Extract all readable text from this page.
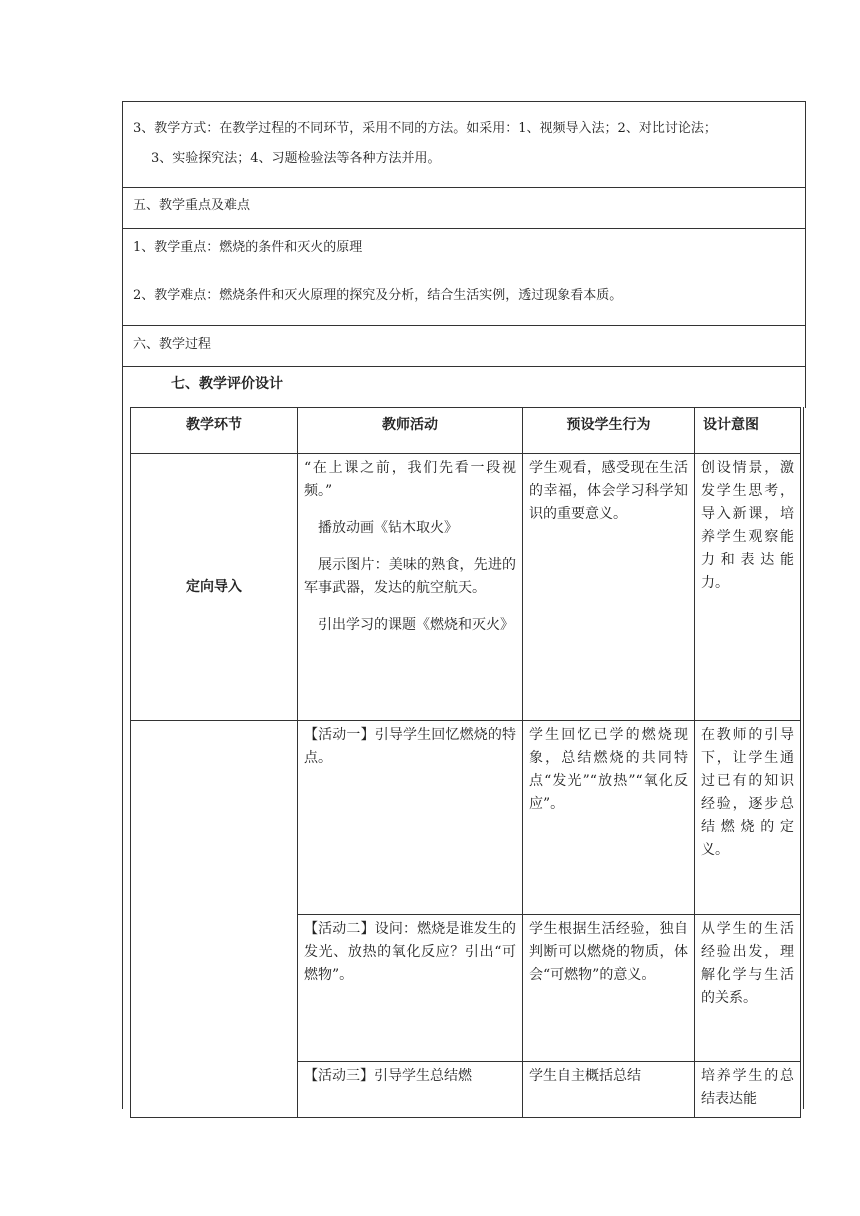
3、教学方式：在教学过程的不同环节，采用不同的方法。如采用：1、视频导入法；2、对比讨论法；
3、实验探究法；4、习题检验法等各种方法并用。
五、教学重点及难点

1、教学重点：燃烧的条件和灭火的原理

2、教学难点：燃烧条件和灭火原理的探究及分析，结合生活实例，透过现象看本质。

六、教学过程
七、教学评价设计
教学环节	教师活动	预设学生行为	设计意图
定向导入	“在上课之前，我们先看一段视频。”

播放动画《钻木取火》

展示图片：美味的熟食，先进的军事武器，发达的航空航天。

引出学习的课题《燃烧和灭火》	学生观看，感受现在生活的幸福，体会学习科学知识的重要意义。	创设情景，激发学生思考，导入新课，培养学生观察能力和表达能力。
	【活动一】引导学生回忆燃烧的特点。	学生回忆已学的燃烧现象，总结燃烧的共同特点“发光”“放热”“氧化反应”。	在教师的引导下，让学生通过已有的知识经验，逐步总结燃烧的定义。
	【活动二】设问：燃烧是谁发生的发光、放热的氧化反应？引出“可燃物”。	学生根据生活经验，独自判断可以燃烧的物质，体会“可燃物”的意义。	从学生的生活经验出发，理解化学与生活的关系。
	【活动三】引导学生总结燃	学生自主概括总结	培养学生的总结表达能
